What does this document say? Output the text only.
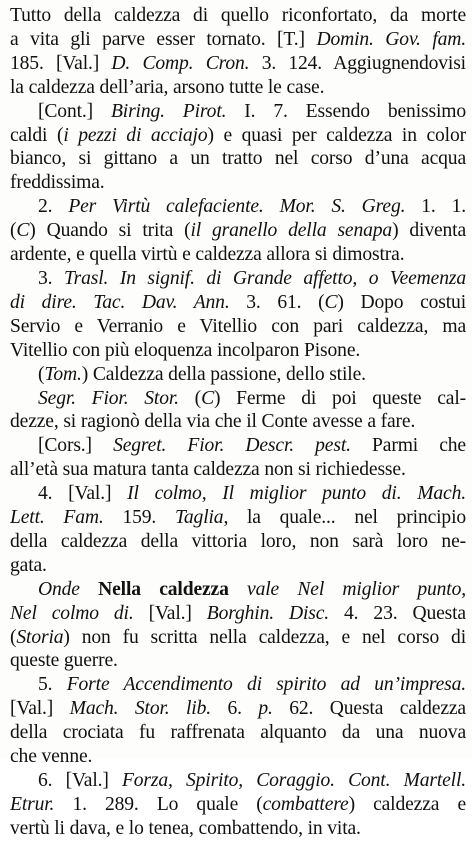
Tutto della caldezza di quello riconfortato, da morte
a vita gli parve esser tornato. [T.] Domin. Gov. fam.
185. [Val.] D. Comp. Cron. 3. 124. Aggiugnendovisi
la caldezza dell’aria, arsono tutte le case.
[Cont.] Biring. Pirot. I. 7. Essendo benissimo
caldi (i pezzi di acciajo) e quasi per caldezza in color
bianco, si gittano a un tratto nel corso d’una acqua
freddissima.
2. Per Virtù calefaciente. Mor. S. Greg. 1. 1.
(C) Quando si trita (il granello della senapa) diventa
ardente, e quella virtù e caldezza allora si dimostra.
3. Trasl. In signif. di Grande affetto, o Veemenza
di dire. Tac. Dav. Ann. 3. 61. (C) Dopo costui
Servio e Verranio e Vitellio con pari caldezza, ma
Vitellio con più eloquenza incolparon Pisone.
(Tom.) Caldezza della passione, dello stile.
Segr. Fior. Stor. (C) Ferme di poi queste cal-
dezze, si ragionò della via che il Conte avesse a fare.
[Cors.] Segret. Fior. Descr. pest. Parmi che
all’età sua matura tanta caldezza non si richiedesse.
4. [Val.] Il colmo, Il miglior punto di. Mach.
Lett. Fam. 159. Taglia, la quale... nel principio
della caldezza della vittoria loro, non sarà loro ne-
gata.
Onde Nella caldezza vale Nel miglior punto,
Nel colmo di. [Val.] Borghin. Disc. 4. 23. Questa
(Storia) non fu scritta nella caldezza, e nel corso di
queste guerre.
5. Forte Accendimento di spirito ad un’impresa.
[Val.] Mach. Stor. lib. 6. p. 62. Questa caldezza
della crociata fu raffrenata alquanto da una nuova
che venne.
6. [Val.] Forza, Spirito, Coraggio. Cont. Martell.
Etrur. 1. 289. Lo quale (combattere) caldezza e
vertù li dava, e lo tenea, combattendo, in vita.
